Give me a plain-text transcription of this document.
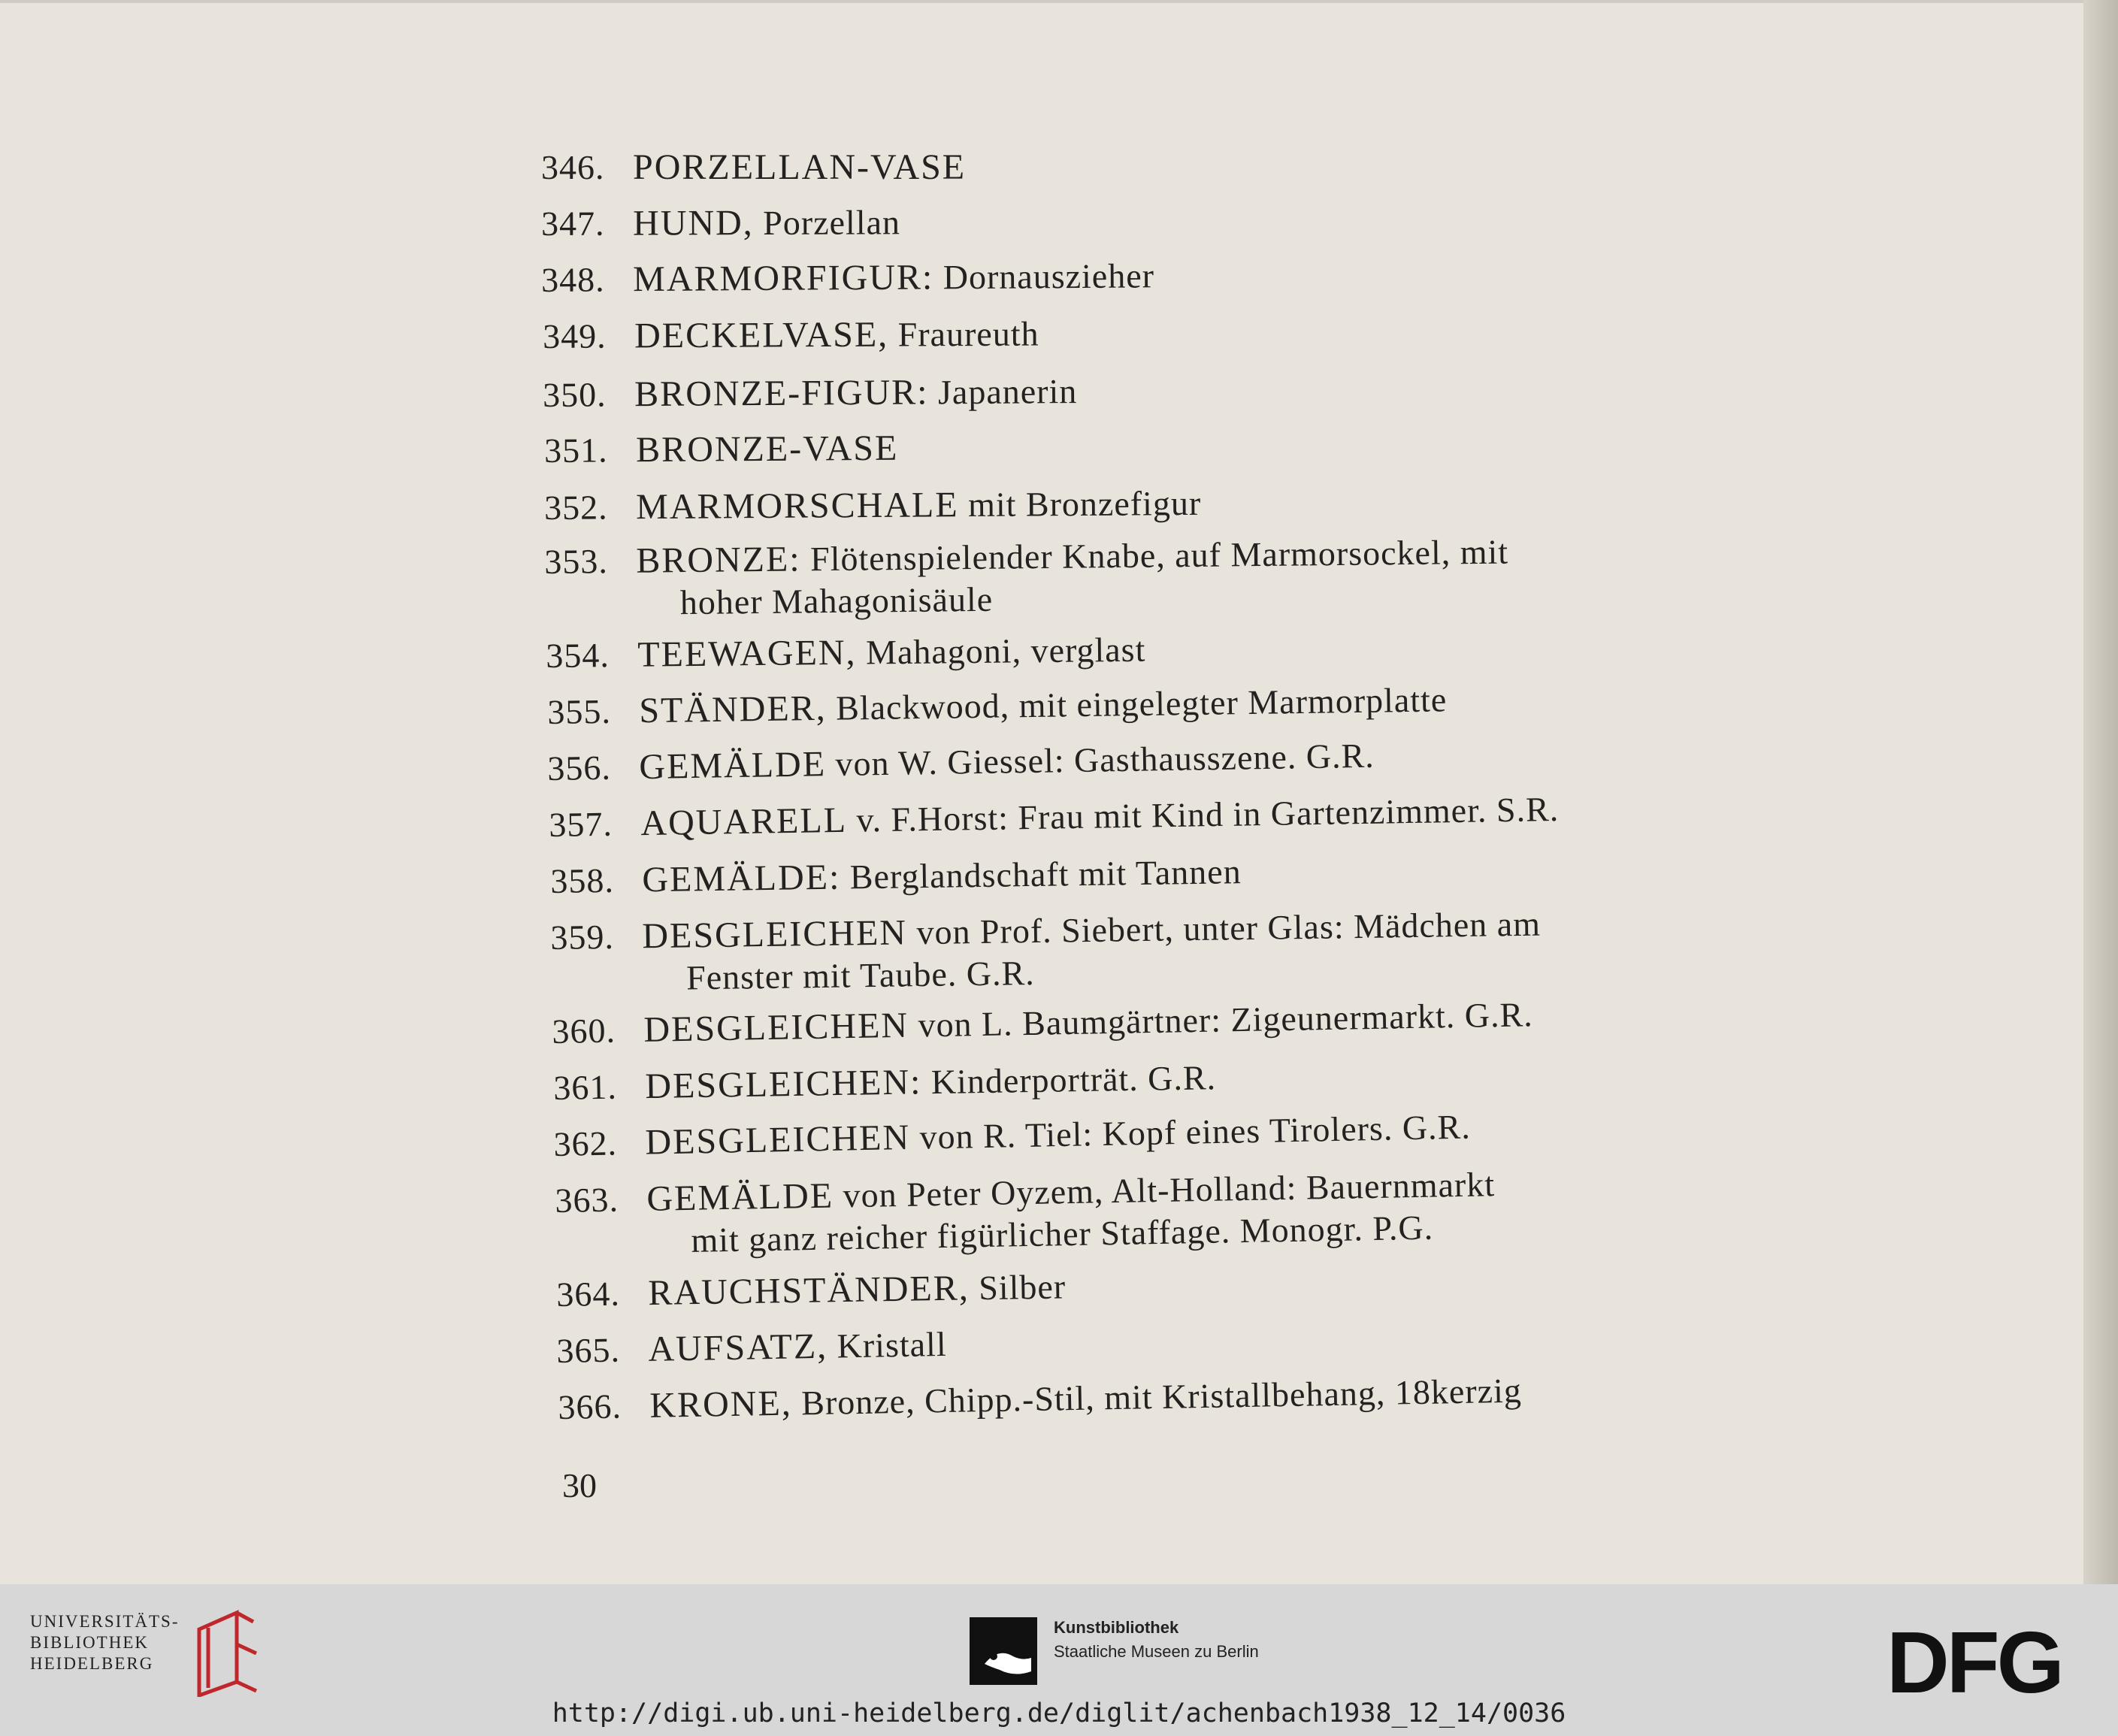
346. PORZELLAN-VASE
347. HUND, Porzellan
348. MARMORFIGUR: Dornauszieher
349. DECKELVASE, Fraureuth
350. BRONZE-FIGUR: Japanerin
351. BRONZE-VASE
352. MARMORSCHALE mit Bronzefigur
353. BRONZE: Flötenspielender Knabe, auf Marmorsockel, mit
hoher Mahagonisäule
354. TEEWAGEN, Mahagoni, verglast
355. STÄNDER, Blackwood, mit eingelegter Marmorplatte
356. GEMÄLDE von W. Giessel: Gasthausszene. G.R.
357. AQUARELL v. F.Horst: Frau mit Kind in Gartenzimmer. S.R.
358. GEMÄLDE: Berglandschaft mit Tannen
359. DESGLEICHEN von Prof. Siebert, unter Glas: Mädchen am
Fenster mit Taube. G.R.
360. DESGLEICHEN von L. Baumgärtner: Zigeunermarkt. G.R.
361. DESGLEICHEN: Kinderporträt. G.R.
362. DESGLEICHEN von R. Tiel: Kopf eines Tirolers. G.R.
363. GEMÄLDE von Peter Oyzem, Alt-Holland: Bauernmarkt
mit ganz reicher figürlicher Staffage. Monogr. P.G.
364. RAUCHSTÄNDER, Silber
365. AUFSATZ, Kristall
366. KRONE, Bronze, Chipp.-Stil, mit Kristallbehang, 18kerzig
30
UNIVERSITÄTS-
BIBLIOTHEK
HEIDELBERG
Kunstbibliothek
Staatliche Museen zu Berlin	DFG
http://digi.ub.uni-heidelberg.de/diglit/achenbach1938_12_14/0036
